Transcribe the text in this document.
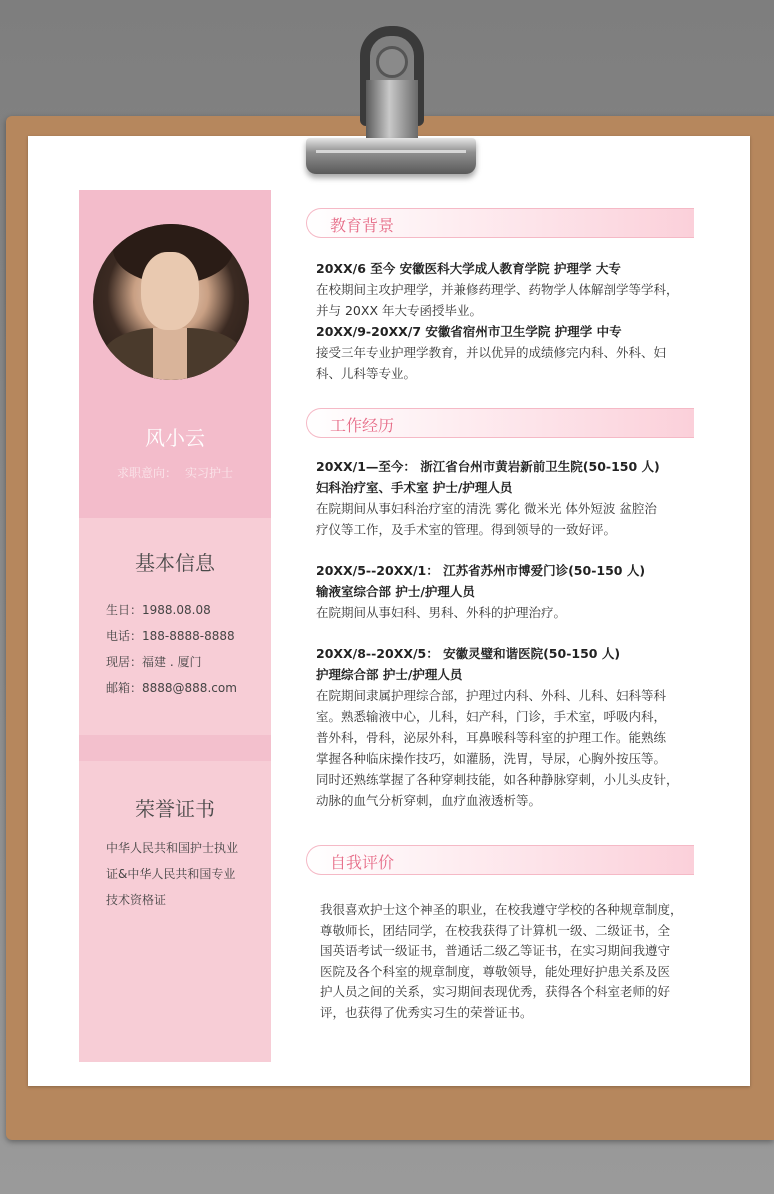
风小云
求职意向： 实习护士
基本信息
生日：1988.08.08
电话：188-8888-8888
现居：福建 . 厦门
邮箱：8888@888.com
荣誉证书
中华人民共和国护士执业
证&中华人民共和国专业
技术资格证
教育背景
20XX/6 至今 安徽医科大学成人教育学院 护理学 大专
在校期间主攻护理学，并兼修药理学、药物学人体解剖学等学科，
并与 20XX 年大专函授毕业。
20XX/9-20XX/7 安徽省宿州市卫生学院 护理学 中专
接受三年专业护理学教育，并以优异的成绩修完内科、外科、妇
科、儿科等专业。
工作经历
20XX/1—至今： 浙江省台州市黄岩新前卫生院(50-150 人)
妇科治疗室、手术室 护士/护理人员
在院期间从事妇科治疗室的清洗 雾化 微米光 体外短波 盆腔治
疗仪等工作，及手术室的管理。得到领导的一致好评。
20XX/5--20XX/1： 江苏省苏州市博爱门诊(50-150 人)
输液室综合部 护士/护理人员
在院期间从事妇科、男科、外科的护理治疗。
20XX/8--20XX/5： 安徽灵璧和谐医院(50-150 人)
护理综合部 护士/护理人员
在院期间隶属护理综合部，护理过内科、外科、儿科、妇科等科
室。熟悉输液中心，儿科，妇产科，门诊，手术室，呼吸内科，
普外科，骨科，泌尿外科，耳鼻喉科等科室的护理工作。能熟练
掌握各种临床操作技巧，如灌肠，洗胃，导尿，心胸外按压等。
同时还熟练掌握了各种穿刺技能，如各种静脉穿刺，小儿头皮针，
动脉的血气分析穿刺，血疗血液透析等。
自我评价
我很喜欢护士这个神圣的职业，在校我遵守学校的各种规章制度，
尊敬师长，团结同学，在校我获得了计算机一级、二级证书，全
国英语考试一级证书，普通话二级乙等证书，在实习期间我遵守
医院及各个科室的规章制度，尊敬领导，能处理好护患关系及医
护人员之间的关系，实习期间表现优秀，获得各个科室老师的好
评，也获得了优秀实习生的荣誉证书。
